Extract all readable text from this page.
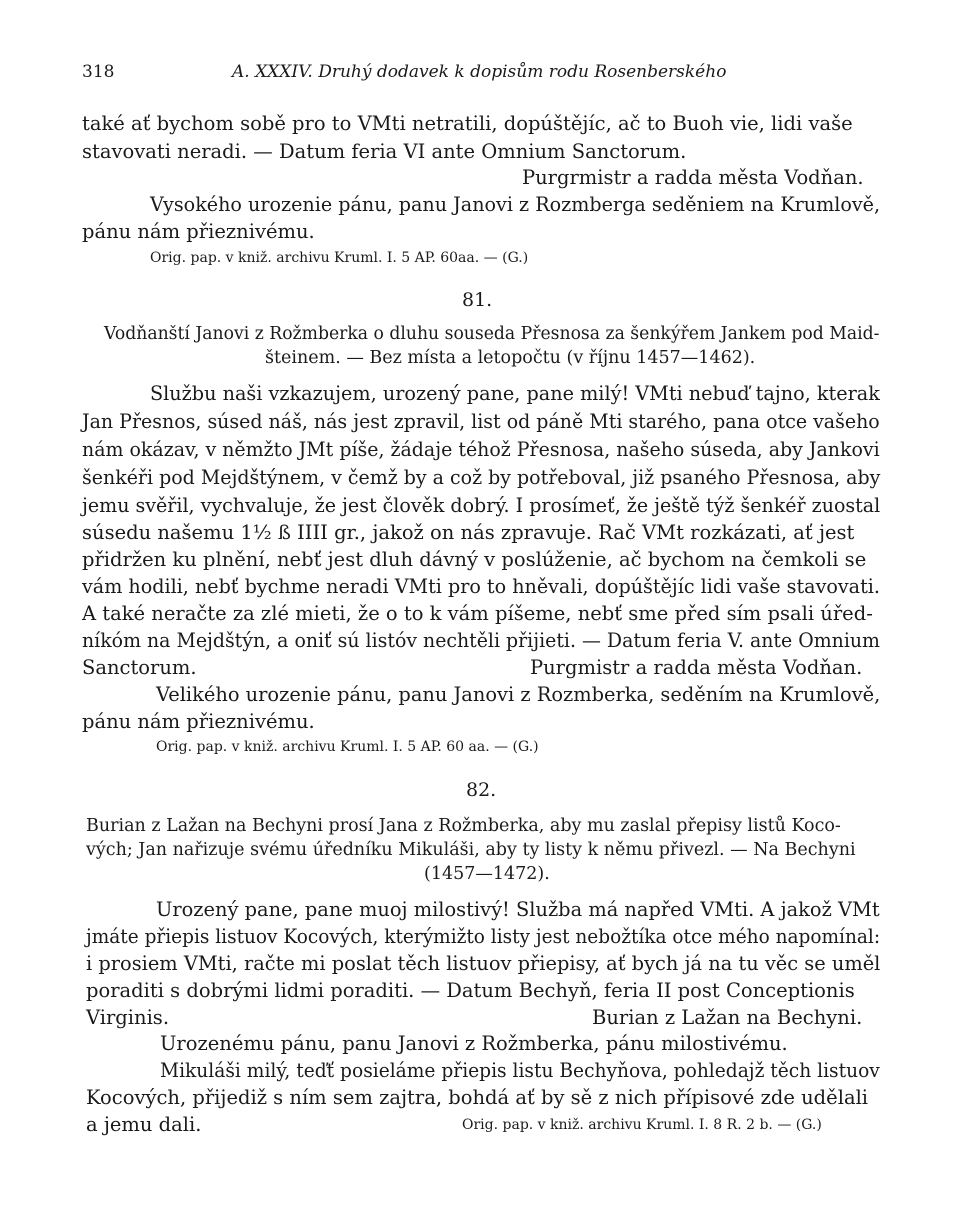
318	A. XXXIV. Druhý dodavek k dopisům rodu Rosenberského
také ať bychom sobě pro to VMti netratili, dopúštějíc, ač to Buoh vie, lidi vaše
stavovati neradi. — Datum feria VI ante Omnium Sanctorum.
Purgrmistr a radda města Vodňan.
Vysokého urozenie pánu, panu Janovi z Rozmberga seděniem na Krumlově,
pánu nám přieznivému.
Orig. pap. v kniž. archivu Kruml. I. 5 AP. 60aa. — (G.)
81.
Vodňanští Janovi z Rožmberka o dluhu souseda Přesnosa za šenkýřem Jankem pod Maid-
šteinem. — Bez místa a letopočtu (v říjnu 1457—1462).
Službu naši vzkazujem, urozený pane, pane milý! VMti nebuď tajno, kterak
Jan Přesnos, súsed náš, nás jest zpravil, list od páně Mti starého, pana otce vašeho
nám okázav, v němžto JMt píše, žádaje téhož Přesnosa, našeho súseda, aby Jankovi
šenkéři pod Mejdštýnem, v čemž by a což by potřeboval, již psaného Přesnosa, aby
jemu svěřil, vychvaluje, že jest člověk dobrý. I prosímeť, že ještě týž šenkéř zuostal
súsedu našemu 1½ ß IIII gr., jakož on nás zpravuje. Rač VMt rozkázati, ať jest
přidržen ku plnění, nebť jest dluh dávný v poslúženie, ač bychom na čemkoli se
vám hodili, nebť bychme neradi VMti pro to hněvali, dopúštějíc lidi vaše stavovati.
A také neračte za zlé mieti, že o to k vám píšeme, nebť sme před sím psali úřed-
níkóm na Mejdštýn, a oniť sú listóv nechtěli přijieti. — Datum feria V. ante Omnium
Sanctorum.	Purgmistr a radda města Vodňan.
Velikého urozenie pánu, panu Janovi z Rozmberka, seděním na Krumlově,
pánu nám přieznivému.
Orig. pap. v kniž. archivu Kruml. I. 5 AP. 60 aa. — (G.)
82.
Burian z Lažan na Bechyni prosí Jana z Rožmberka, aby mu zaslal přepisy listů Koco-
vých; Jan nařizuje svému úředníku Mikuláši, aby ty listy k němu přivezl. — Na Bechyni
(1457—1472).
Urozený pane, pane muoj milostivý! Služba má napřed VMti. A jakož VMt
jmáte přiepis listuov Kocových, kterýmižto listy jest nebožtíka otce mého napomínal:
i prosiem VMti, račte mi poslat těch listuov přiepisy, ať bych já na tu věc se uměl
poraditi s dobrými lidmi poraditi. — Datum Bechyň, feria II post Conceptionis
Virginis.	Burian z Lažan na Bechyni.
Urozenému pánu, panu Janovi z Rožmberka, pánu milostivému.
Mikuláši milý, teďť posieláme přiepis listu Bechyňova, pohledajž těch listuov
Kocových, přijediž s ním sem zajtra, bohdá ať by sě z nich přípisové zde udělali
a jemu dali.	Orig. pap. v kniž. archivu Kruml. I. 8 R. 2 b. — (G.)
